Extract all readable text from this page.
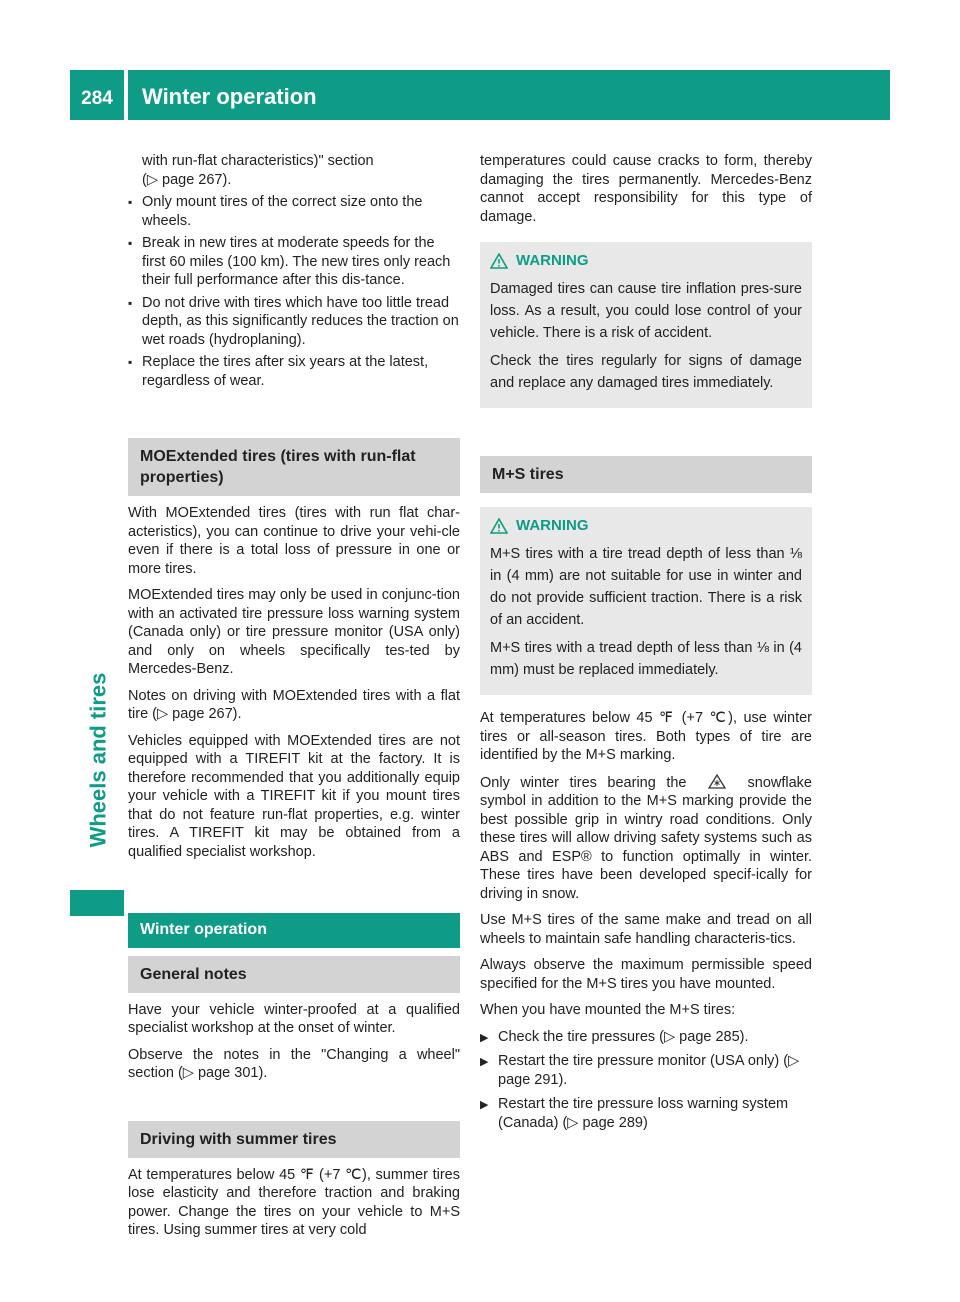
284	Winter operation
Wheels and tires
with run-flat characteristics)" section
(▷ page 267).
▪ Only mount tires of the correct size onto the wheels.
▪ Break in new tires at moderate speeds for the first 60 miles (100 km). The new tires only reach their full performance after this dis-tance.
▪ Do not drive with tires which have too little tread depth, as this significantly reduces the traction on wet roads (hydroplaning).
▪ Replace the tires after six years at the latest, regardless of wear.
MOExtended tires (tires with run-flat properties)

With MOExtended tires (tires with run flat char-acteristics), you can continue to drive your vehi-cle even if there is a total loss of pressure in one or more tires.

MOExtended tires may only be used in conjunc-tion with an activated tire pressure loss warning system (Canada only) or tire pressure monitor (USA only) and only on wheels specifically tes-ted by Mercedes-Benz.

Notes on driving with MOExtended tires with a flat tire (▷ page 267).

Vehicles equipped with MOExtended tires are not equipped with a TIREFIT kit at the factory. It is therefore recommended that you additionally equip your vehicle with a TIREFIT kit if you mount tires that do not feature run-flat properties, e.g. winter tires. A TIREFIT kit may be obtained from a qualified specialist workshop.

Winter operation
General notes

Have your vehicle winter-proofed at a qualified specialist workshop at the onset of winter.

Observe the notes in the "Changing a wheel" section (▷ page 301).

Driving with summer tires

At temperatures below 45 ℉ (+7 ℃), summer tires lose elasticity and therefore traction and braking power. Change the tires on your vehicle to M+S tires. Using summer tires at very cold

temperatures could cause cracks to form, thereby damaging the tires permanently. Mercedes-Benz cannot accept responsibility for this type of damage.

WARNING

Damaged tires can cause tire inflation pres-sure loss. As a result, you could lose control of your vehicle. There is a risk of accident.

Check the tires regularly for signs of damage and replace any damaged tires immediately.

M+S tires
WARNING

M+S tires with a tire tread depth of less than ⅛ in (4 mm) are not suitable for use in winter and do not provide sufficient traction. There is a risk of an accident.

M+S tires with a tread depth of less than ⅛ in (4 mm) must be replaced immediately.

At temperatures below 45 ℉ (+7 ℃), use winter tires or all-season tires. Both types of tire are identified by the M+S marking.

Only winter tires bearing the	snowflake symbol in addition to the M+S marking provide the best possible grip in wintry road conditions. Only these tires will allow driving safety systems such as ABS and ESP® to function optimally in winter. These tires have been developed specif-ically for driving in snow.

Use M+S tires of the same make and tread on all wheels to maintain safe handling characteris-tics.

Always observe the maximum permissible speed specified for the M+S tires you have mounted.

When you have mounted the M+S tires:

▶ Check the tire pressures (▷ page 285).
▶ Restart the tire pressure monitor (USA only) (▷ page 291).
▶ Restart the tire pressure loss warning system (Canada) (▷ page 289)
